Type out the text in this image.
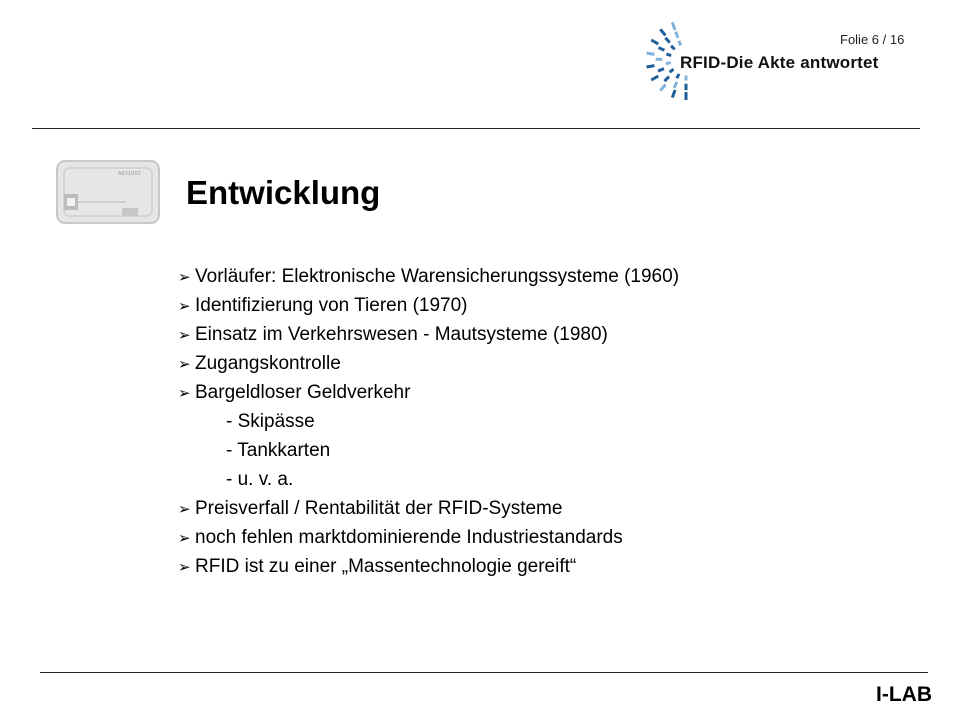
Folie 6 / 16
RFID-Die Akte antwortet
A631R02 Entwicklung
➢ Vorläufer: Elektronische Warensicherungssysteme (1960)
➢ Identifizierung von Tieren (1970)
➢ Einsatz im Verkehrswesen - Mautsysteme (1980)
➢ Zugangskontrolle
➢ Bargeldloser Geldverkehr
- Skipässe
- Tankkarten
- u. v. a.
➢ Preisverfall / Rentabilität der RFID-Systeme
➢ noch fehlen marktdominierende Industriestandards
➢ RFID ist zu einer „Massentechnologie gereift“
I-LAB
